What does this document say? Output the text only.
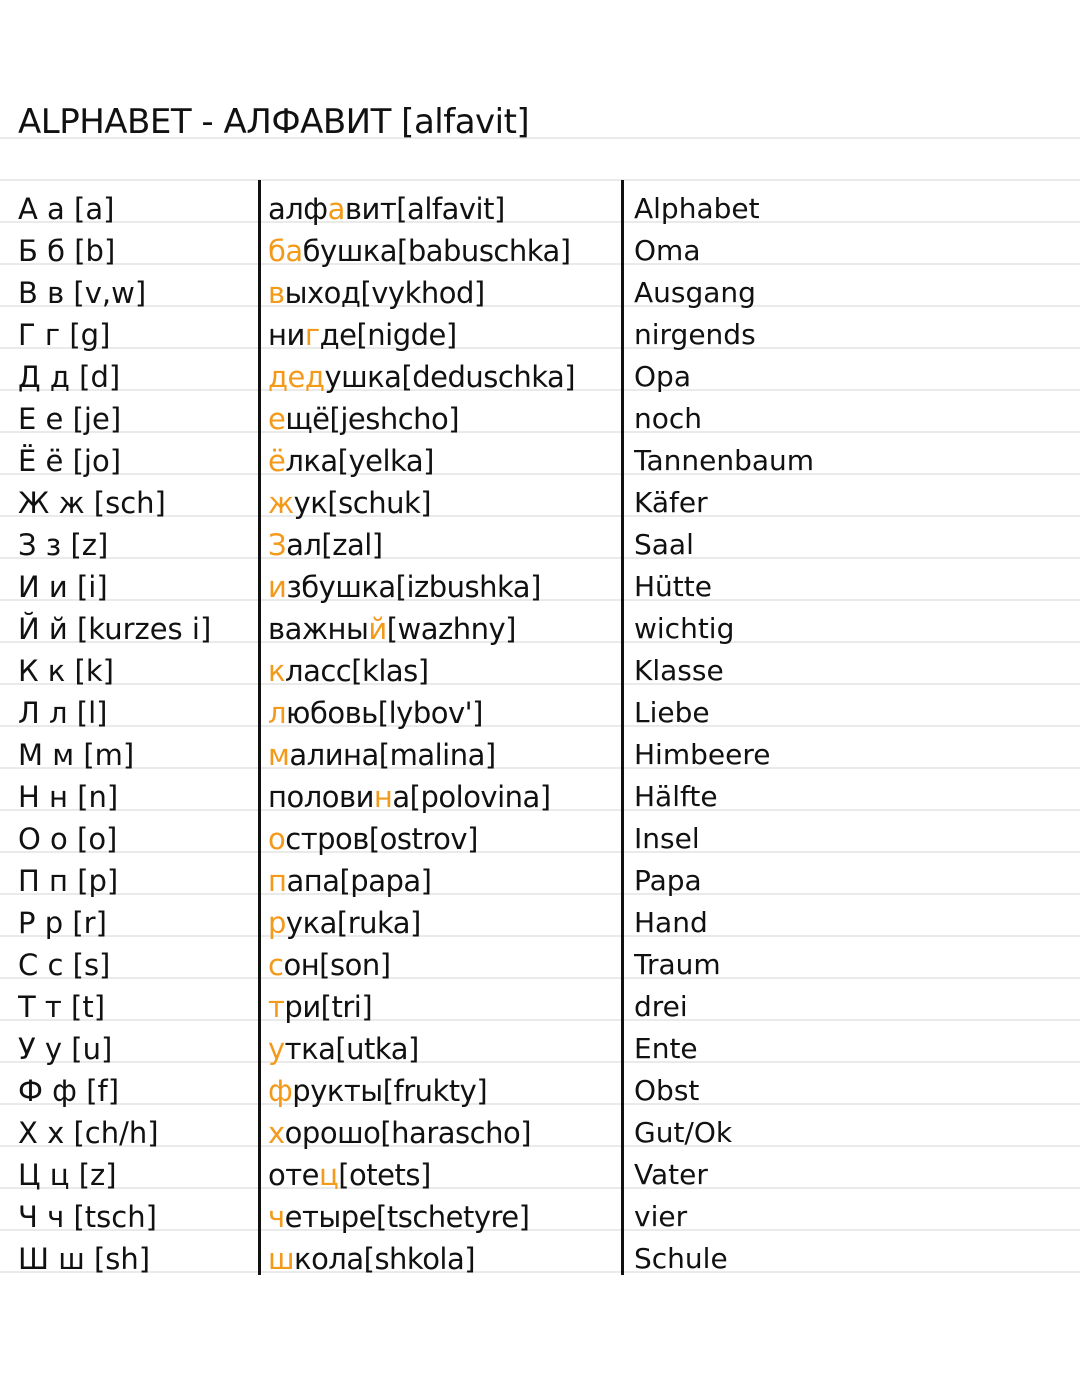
ALPHABET - АЛФАВИТ [alfavit]
А а [a]	алфавит[alfavit]	Alphabet
Б б [b]	бабушка[babuschka]	Oma
В в [v,w]	выход[vykhod]	Ausgang
Г г [g]	нигде[nigde]	nirgends
Д д [d]	дедушка[deduschka]	Opa
Е е [je]	ещё[jeshcho]	noch
Ё ё [jo]	ёлка[yelka]	Tannenbaum
Ж ж [sch]	жук[schuk]	Käfer
З з [z]	Зал[zal]	Saal
И и [i]	избушка[izbushka]	Hütte
Й й [kurzes i]	важный[wazhny]	wichtig
К к [k]	класс[klas]	Klasse
Л л [l]	любовь[lybov']	Liebe
М м [m]	малина[malina]	Himbeere
Н н [n]	половина[polovina]	Hälfte
О о [o]	остров[ostrov]	Insel
П п [p]	папа[papa]	Papa
Р р [r]	рука[ruka]	Hand
С с [s]	сон[son]	Traum
Т т [t]	три[tri]	drei
У у [u]	утка[utka]	Ente
Ф ф [f]	фрукты[frukty]	Obst
Х х [ch/h]	хорошо[harascho]	Gut/Ok
Ц ц [z]	отец[otets]	Vater
Ч ч [tsch]	четыре[tschetyre]	vier
Ш ш [sh]	школа[shkola]	Schule
